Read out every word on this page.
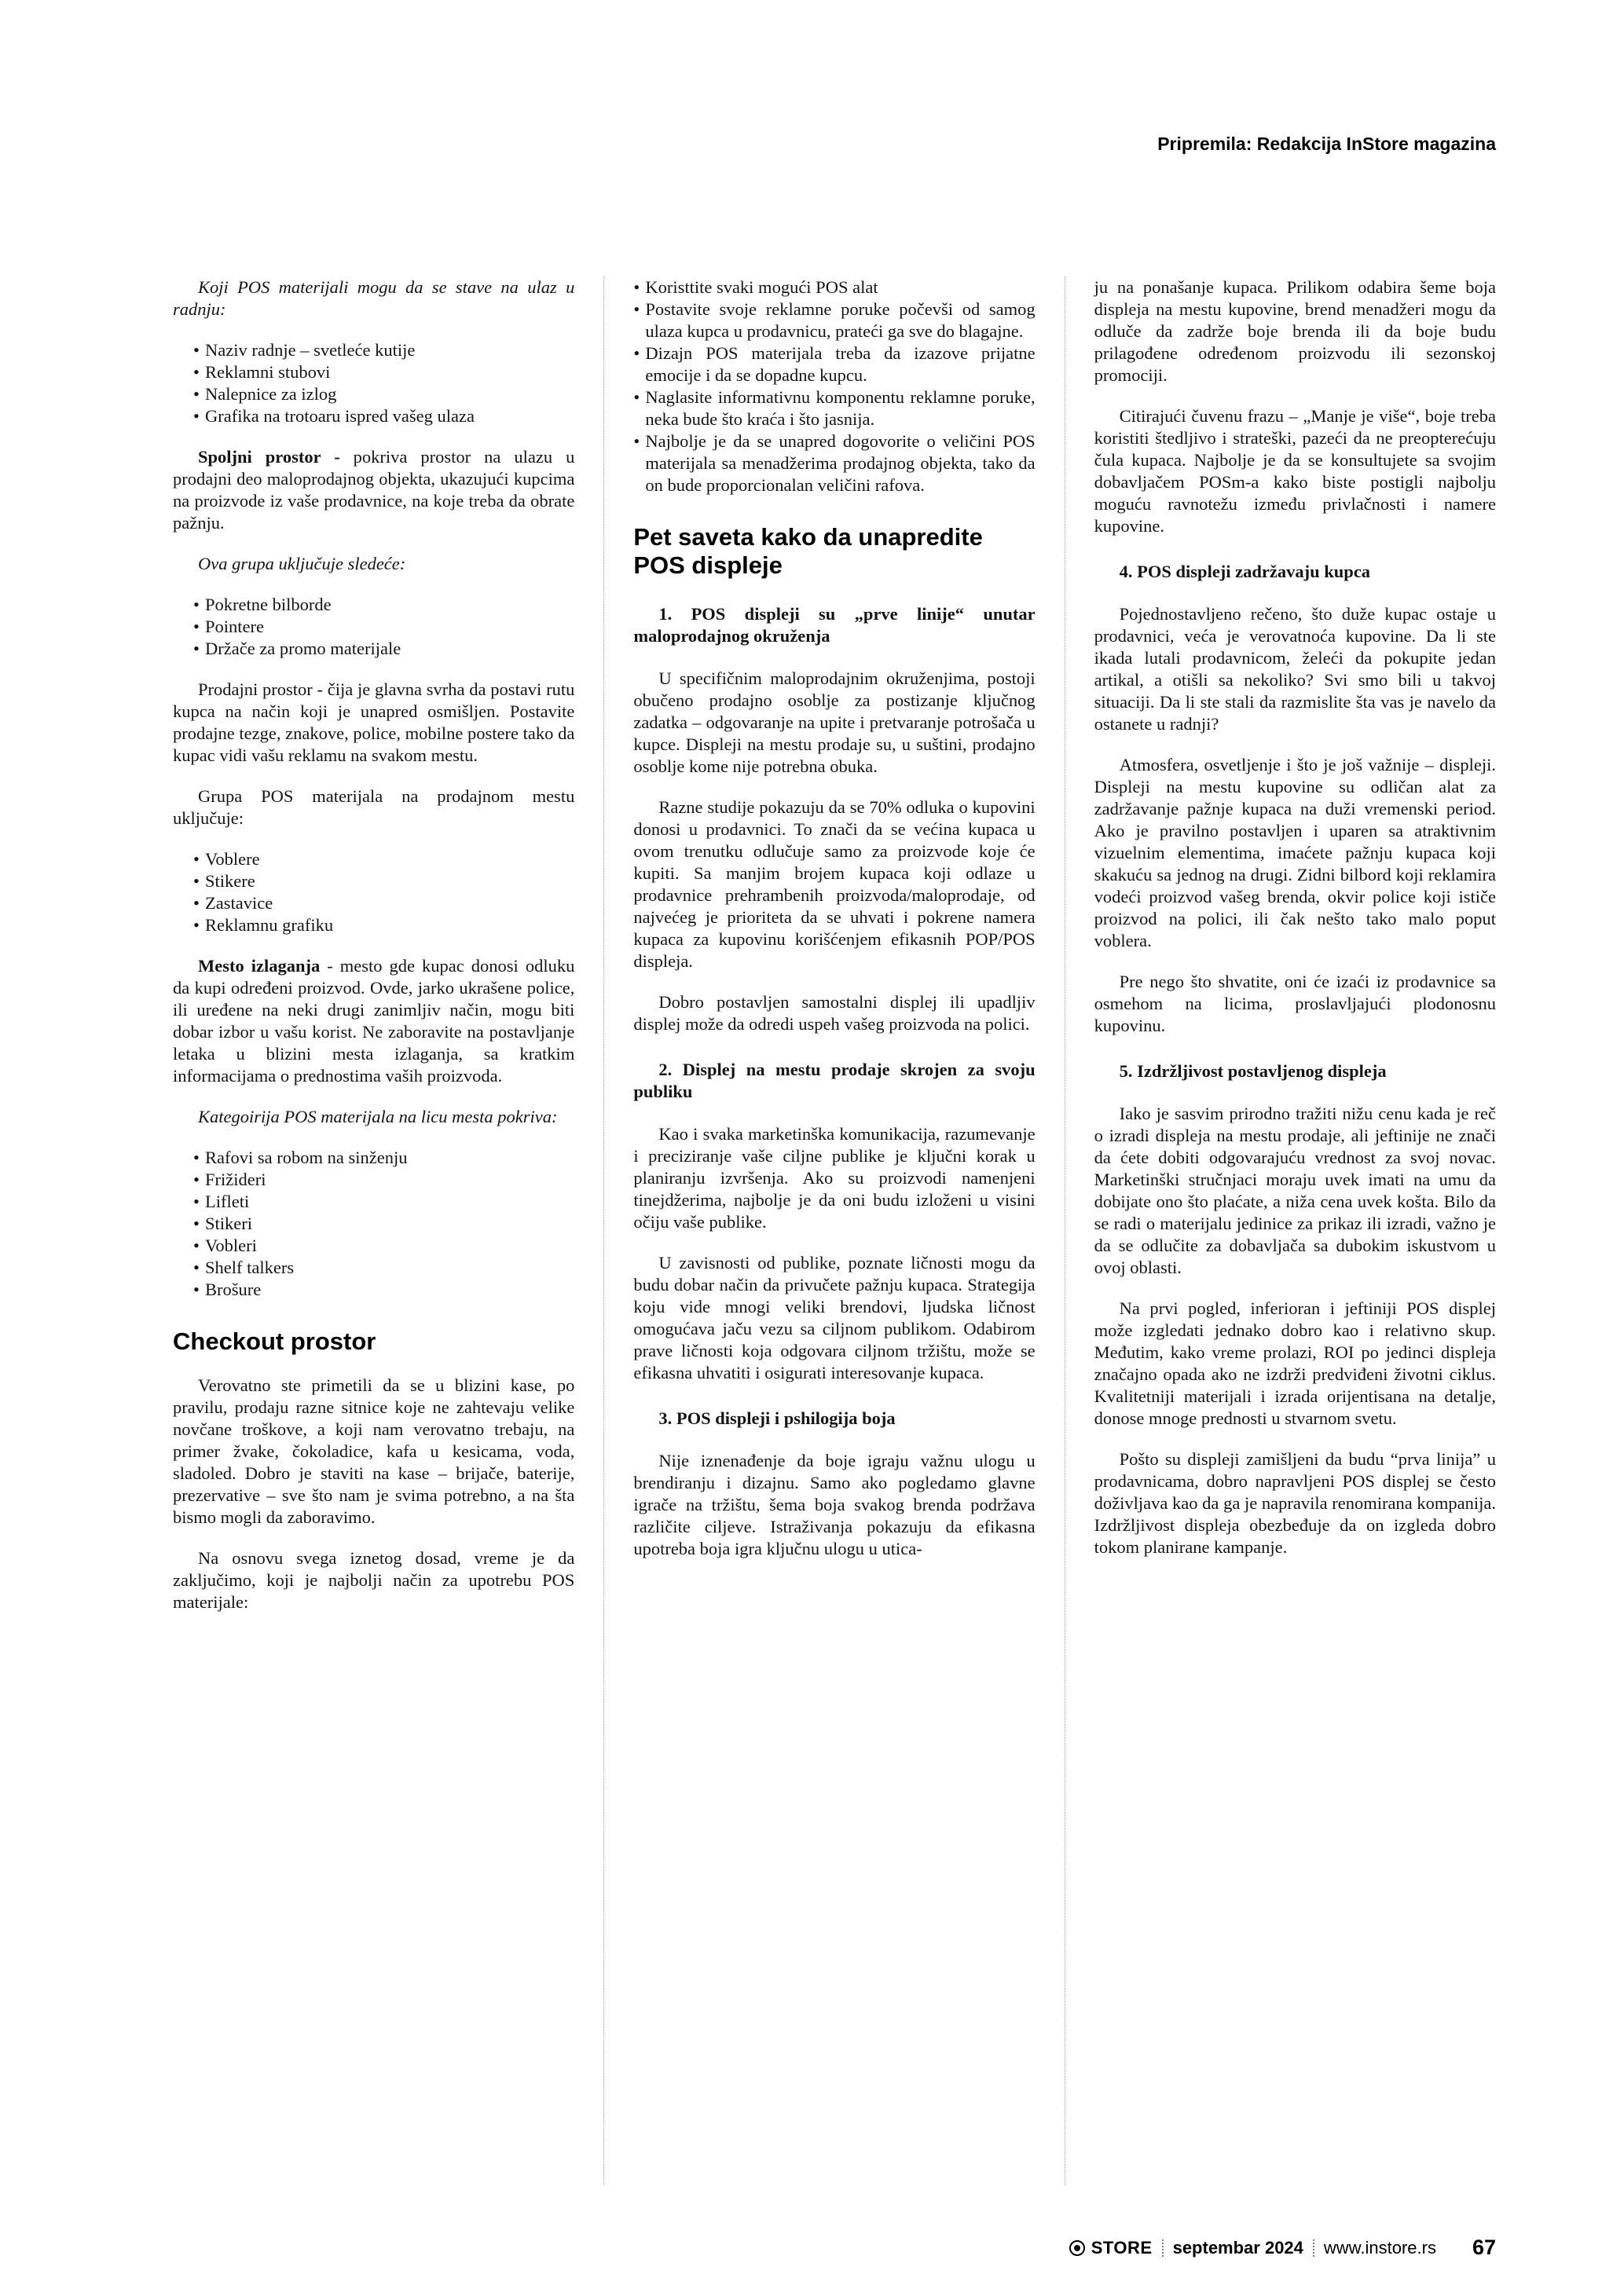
Pripremila: Redakcija InStore magazina

Koji POS materijali mogu da se stave na ulaz u radnju:

• Naziv radnje – svetleće kutije
• Reklamni stubovi
• Nalepnice za izlog
• Grafika na trotoaru ispred vašeg ulaza

Spoljni prostor - pokriva prostor na ulazu u prodajni deo maloprodajnog objekta, ukazujući kupcima na proizvode iz vaše prodavnice, na koje treba da obrate pažnju.

Ova grupa uključuje sledeće:

• Pokretne bilborde
• Pointere
• Držače za promo materijale

Prodajni prostor - čija je glavna svrha da postavi rutu kupca na način koji je unapred osmišljen. Postavite prodajne tezge, znakove, police, mobilne postere tako da kupac vidi vašu reklamu na svakom mestu.

Grupa POS materijala na prodajnom mestu uključuje:

• Voblere
• Stikere
• Zastavice
• Reklamnu grafiku

Mesto izlaganja - mesto gde kupac donosi odluku da kupi određeni proizvod. Ovde, jarko ukrašene police, ili uređene na neki drugi zanimljiv način, mogu biti dobar izbor u vašu korist. Ne zaboravite na postavljanje letaka u blizini mesta izlaganja, sa kratkim informacijama o prednostima vaših proizvoda.

Kategoirija POS materijala na licu mesta pokriva:

• Rafovi sa robom na sinženju
• Frižideri
• Lifleti
• Stikeri
• Vobleri
• Shelf talkers
• Brošure
Checkout prostor

Verovatno ste primetili da se u blizini kase, po pravilu, prodaju razne sitnice koje ne zahtevaju velike novčane troškove, a koji nam verovatno trebaju, na primer žvake, čokoladice, kafa u kesicama, voda, sladoled. Dobro je staviti na kase – brijače, baterije, prezervative – sve što nam je svima potrebno, a na šta bismo mogli da zaboravimo.

Na osnovu svega iznetog dosad, vreme je da zaključimo, koji je najbolji način za upotrebu POS materijale:

• Koristtite svaki mogući POS alat
• Postavite svoje reklamne poruke počevši od samog ulaza kupca u prodavnicu, prateći ga sve do blagajne.
• Dizajn POS materijala treba da izazove prijatne emocije i da se dopadne kupcu.
• Naglasite informativnu komponentu reklamne poruke, neka bude što kraća i što jasnija.
• Najbolje je da se unapred dogovorite o veličini POS materijala sa menadžerima prodajnog objekta, tako da on bude proporcionalan veličini rafova.
Pet saveta kako da unapredite POS displeje
1. POS displeji su „prve linije“ unutar maloprodajnog okruženja

U specifičnim maloprodajnim okruženjima, postoji obučeno prodajno osoblje za postizanje ključnog zadatka – odgovaranje na upite i pretvaranje potrošača u kupce. Displeji na mestu prodaje su, u suštini, prodajno osoblje kome nije potrebna obuka.

Razne studije pokazuju da se 70% odluka o kupovini donosi u prodavnici. To znači da se većina kupaca u ovom trenutku odlučuje samo za proizvode koje će kupiti. Sa manjim brojem kupaca koji odlaze u prodavnice prehrambenih proizvoda/maloprodaje, od najvećeg je prioriteta da se uhvati i pokrene namera kupaca za kupovinu korišćenjem efikasnih POP/POS displeja.

Dobro postavljen samostalni displej ili upadljiv displej može da odredi uspeh vašeg proizvoda na polici.

2. Displej na mestu prodaje skrojen za svoju publiku

Kao i svaka marketinška komunikacija, razumevanje i preciziranje vaše ciljne publike je ključni korak u planiranju izvršenja. Ako su proizvodi namenjeni tinejdžerima, najbolje je da oni budu izloženi u visini očiju vaše publike.

U zavisnosti od publike, poznate ličnosti mogu da budu dobar način da privučete pažnju kupaca. Strategija koju vide mnogi veliki brendovi, ljudska ličnost omogućava jaču vezu sa ciljnom publikom. Odabirom prave ličnosti koja odgovara ciljnom tržištu, može se efikasna uhvatiti i osigurati interesovanje kupaca.

3. POS displeji i pshilogija boja

Nije iznenađenje da boje igraju važnu ulogu u brendiranju i dizajnu. Samo ako pogledamo glavne igrače na tržištu, šema boja svakog brenda podržava različite ciljeve. Istraživanja pokazuju da efikasna upotreba boja igra ključnu ulogu u utica-

ju na ponašanje kupaca. Prilikom odabira šeme boja displeja na mestu kupovine, brend menadžeri mogu da odluče da zadrže boje brenda ili da boje budu prilagođene određenom proizvodu ili sezonskoj promociji.

Citirajući čuvenu frazu – „Manje je više“, boje treba koristiti štedljivo i strateški, pazeći da ne preopterećuju čula kupaca. Najbolje je da se konsultujete sa svojim dobavljačem POSm-a kako biste postigli najbolju moguću ravnotežu između privlačnosti i namere kupovine.

4. POS displeji zadržavaju kupca

Pojednostavljeno rečeno, što duže kupac ostaje u prodavnici, veća je verovatnoća kupovine. Da li ste ikada lutali prodavnicom, želeći da pokupite jedan artikal, a otišli sa nekoliko? Svi smo bili u takvoj situaciji. Da li ste stali da razmislite šta vas je navelo da ostanete u radnji?

Atmosfera, osvetljenje i što je još važnije – displeji. Displeji na mestu kupovine su odličan alat za zadržavanje pažnje kupaca na duži vremenski period. Ako je pravilno postavljen i uparen sa atraktivnim vizuelnim elementima, imaćete pažnju kupaca koji skakuću sa jednog na drugi. Zidni bilbord koji reklamira vodeći proizvod vašeg brenda, okvir police koji ističe proizvod na polici, ili čak nešto tako malo poput voblera.

Pre nego što shvatite, oni će izaći iz prodavnice sa osmehom na licima, proslavljajući plodonosnu kupovinu.

5. Izdržljivost postavljenog displeja

Iako je sasvim prirodno tražiti nižu cenu kada je reč o izradi displeja na mestu prodaje, ali jeftinije ne znači da ćete dobiti odgovarajuću vrednost za svoj novac. Marketinški stručnjaci moraju uvek imati na umu da dobijate ono što plaćate, a niža cena uvek košta. Bilo da se radi o materijalu jedinice za prikaz ili izradi, važno je da se odlučite za dobavljača sa dubokim iskustvom u ovoj oblasti.

Na prvi pogled, inferioran i jeftiniji POS displej može izgledati jednako dobro kao i relativno skup. Međutim, kako vreme prolazi, ROI po jedinci displeja značajno opada ako ne izdrži predviđeni životni ciklus. Kvalitetniji materijali i izrada orijentisana na detalje, donose mnoge prednosti u stvarnom svetu.

Pošto su displeji zamišljeni da budu “prva linija” u prodavnicama, dobro napravljeni POS displej se često doživljava kao da ga je napravila renomirana kompanija. Izdržljivost displeja obezbeđuje da on izgleda dobro tokom planirane kampanje.

STORE septembar 2024 www.instore.rs 67
